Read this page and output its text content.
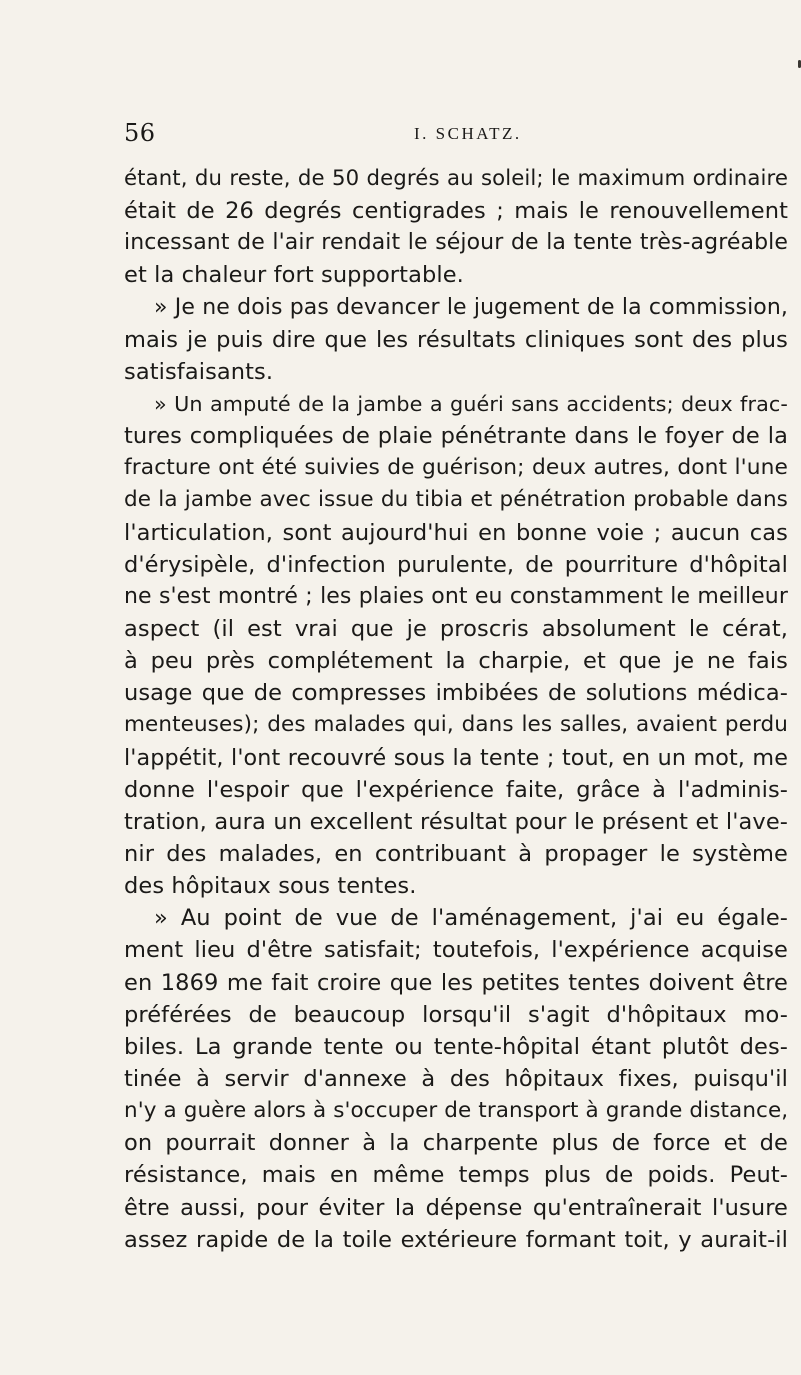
56	I. SCHATZ.
étant, du reste, de 50 degrés au soleil; le maximum ordinaire
était de 26 degrés centigrades ; mais le renouvellement
incessant de l'air rendait le séjour de la tente très-agréable
et la chaleur fort supportable.
» Je ne dois pas devancer le jugement de la commission,
mais je puis dire que les résultats cliniques sont des plus
satisfaisants.
» Un amputé de la jambe a guéri sans accidents; deux frac-
tures compliquées de plaie pénétrante dans le foyer de la
fracture ont été suivies de guérison; deux autres, dont l'une
de la jambe avec issue du tibia et pénétration probable dans
l'articulation, sont aujourd'hui en bonne voie ; aucun cas
d'érysipèle, d'infection purulente, de pourriture d'hôpital
ne s'est montré ; les plaies ont eu constamment le meilleur
aspect (il est vrai que je proscris absolument le cérat,
à peu près complétement la charpie, et que je ne fais
usage que de compresses imbibées de solutions médica-
menteuses); des malades qui, dans les salles, avaient perdu
l'appétit, l'ont recouvré sous la tente ; tout, en un mot, me
donne l'espoir que l'expérience faite, grâce à l'adminis-
tration, aura un excellent résultat pour le présent et l'ave-
nir des malades, en contribuant à propager le système
des hôpitaux sous tentes.
» Au point de vue de l'aménagement, j'ai eu égale-
ment lieu d'être satisfait; toutefois, l'expérience acquise
en 1869 me fait croire que les petites tentes doivent être
préférées de beaucoup lorsqu'il s'agit d'hôpitaux mo-
biles. La grande tente ou tente-hôpital étant plutôt des-
tinée à servir d'annexe à des hôpitaux fixes, puisqu'il
n'y a guère alors à s'occuper de transport à grande distance,
on pourrait donner à la charpente plus de force et de
résistance, mais en même temps plus de poids. Peut-
être aussi, pour éviter la dépense qu'entraînerait l'usure
assez rapide de la toile extérieure formant toit, y aurait-il
